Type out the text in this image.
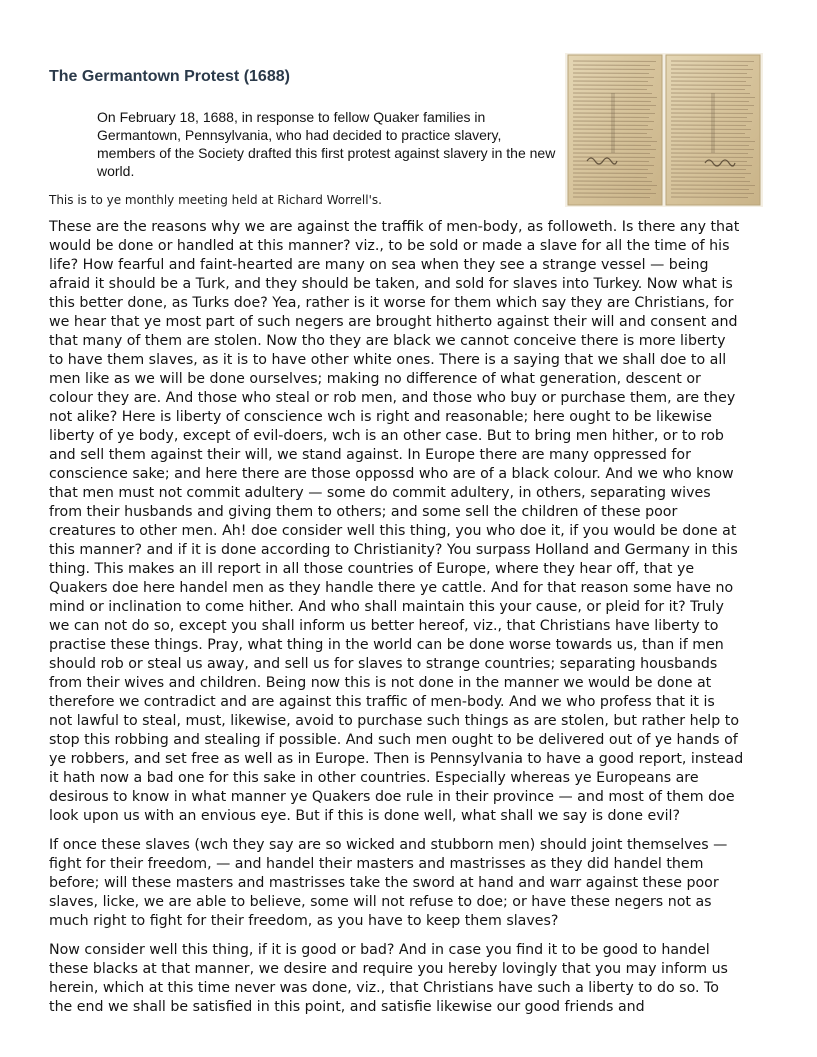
The Germantown Protest (1688)

On February 18, 1688, in response to fellow Quaker families in Germantown, Pennsylvania, who had decided to practice slavery, members of the Society drafted this first protest against slavery in the new world.

This is to ye monthly meeting held at Richard Worrell's.

These are the reasons why we are against the traffik of men-body, as followeth. Is there any that
would be done or handled at this manner? viz., to be sold or made a slave for all the time of his
life? How fearful and faint-hearted are many on sea when they see a strange vessel — being
afraid it should be a Turk, and they should be taken, and sold for slaves into Turkey. Now what is
this better done, as Turks doe? Yea, rather is it worse for them which say they are Christians, for
we hear that ye most part of such negers are brought hitherto against their will and consent and
that many of them are stolen. Now tho they are black we cannot conceive there is more liberty
to have them slaves, as it is to have other white ones. There is a saying that we shall doe to all
men like as we will be done ourselves; making no difference of what generation, descent or
colour they are. And those who steal or rob men, and those who buy or purchase them, are they
not alike? Here is liberty of conscience wch is right and reasonable; here ought to be likewise
liberty of ye body, except of evil-doers, wch is an other case. But to bring men hither, or to rob
and sell them against their will, we stand against. In Europe there are many oppressed for
conscience sake; and here there are those oppossd who are of a black colour. And we who know
that men must not commit adultery — some do commit adultery, in others, separating wives
from their husbands and giving them to others; and some sell the children of these poor
creatures to other men. Ah! doe consider well this thing, you who doe it, if you would be done at
this manner? and if it is done according to Christianity? You surpass Holland and Germany in this
thing. This makes an ill report in all those countries of Europe, where they hear off, that ye
Quakers doe here handel men as they handle there ye cattle. And for that reason some have no
mind or inclination to come hither. And who shall maintain this your cause, or pleid for it? Truly
we can not do so, except you shall inform us better hereof, viz., that Christians have liberty to
practise these things. Pray, what thing in the world can be done worse towards us, than if men
should rob or steal us away, and sell us for slaves to strange countries; separating housbands
from their wives and children. Being now this is not done in the manner we would be done at
therefore we contradict and are against this traffic of men-body. And we who profess that it is
not lawful to steal, must, likewise, avoid to purchase such things as are stolen, but rather help to
stop this robbing and stealing if possible. And such men ought to be delivered out of ye hands of
ye robbers, and set free as well as in Europe. Then is Pennsylvania to have a good report, instead
it hath now a bad one for this sake in other countries. Especially whereas ye Europeans are
desirous to know in what manner ye Quakers doe rule in their province — and most of them doe
look upon us with an envious eye. But if this is done well, what shall we say is done evil?

If once these slaves (wch they say are so wicked and stubborn men) should joint themselves —
fight for their freedom, — and handel their masters and mastrisses as they did handel them
before; will these masters and mastrisses take the sword at hand and warr against these poor
slaves, licke, we are able to believe, some will not refuse to doe; or have these negers not as
much right to fight for their freedom, as you have to keep them slaves?

Now consider well this thing, if it is good or bad? And in case you find it to be good to handel
these blacks at that manner, we desire and require you hereby lovingly that you may inform us
herein, which at this time never was done, viz., that Christians have such a liberty to do so. To
the end we shall be satisfied in this point, and satisfie likewise our good friends and
